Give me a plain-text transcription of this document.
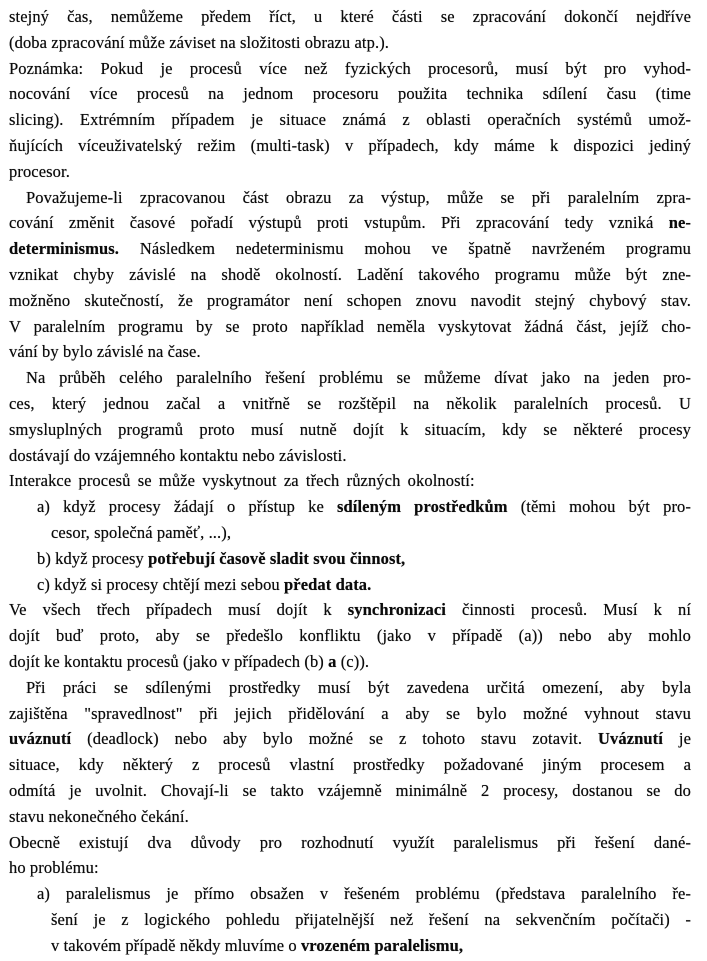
stejný čas, nemůžeme předem říct, u které části se zpracování dokončí nejdříve
(doba zpracování může záviset na složitosti obrazu atp.).
Poznámka: Pokud je procesů více než fyzických procesorů, musí být pro vyhod-
nocování více procesů na jednom procesoru použita technika sdílení času (time
slicing). Extrémním případem je situace známá z oblasti operačních systémů umož-
ňujících víceuživatelský režim (multi-task) v případech, kdy máme k dispozici jediný
procesor.
Považujeme-li zpracovanou část obrazu za výstup, může se při paralelním zpra-
cování změnit časové pořadí výstupů proti vstupům. Při zpracování tedy vzniká ne-
determinismus. Následkem nedeterminismu mohou ve špatně navrženém programu
vznikat chyby závislé na shodě okolností. Ladění takového programu může být zne-
možněno skutečností, že programátor není schopen znovu navodit stejný chybový stav.
V paralelním programu by se proto například neměla vyskytovat žádná část, jejíž cho-
vání by bylo závislé na čase.
Na průběh celého paralelního řešení problému se můžeme dívat jako na jeden pro-
ces, který jednou začal a vnitřně se rozštěpil na několik paralelních procesů. U
smysluplných programů proto musí nutně dojít k situacím, kdy se některé procesy
dostávají do vzájemného kontaktu nebo závislosti.
Interakce procesů se může vyskytnout za třech různých okolností:
a) když procesy žádají o přístup ke sdíleným prostředkům (těmi mohou být pro-
cesor, společná paměť, ...),
b) když procesy potřebují časově sladit svou činnost,
c) když si procesy chtějí mezi sebou předat data.
Ve všech třech případech musí dojít k synchronizaci činnosti procesů. Musí k ní
dojít buď proto, aby se předešlo konfliktu (jako v případě (a)) nebo aby mohlo
dojít ke kontaktu procesů (jako v případech (b) a (c)).
Při práci se sdílenými prostředky musí být zavedena určitá omezení, aby byla
zajištěna "spravedlnost" při jejich přidělování a aby se bylo možné vyhnout stavu
uváznutí (deadlock) nebo aby bylo možné se z tohoto stavu zotavit. Uváznutí je
situace, kdy některý z procesů vlastní prostředky požadované jiným procesem a
odmítá je uvolnit. Chovají-li se takto vzájemně minimálně 2 procesy, dostanou se do
stavu nekonečného čekání.
Obecně existují dva důvody pro rozhodnutí využít paralelismus při řešení dané-
ho problému:
a) paralelismus je přímo obsažen v řešeném problému (představa paralelního ře-
šení je z logického pohledu přijatelnější než řešení na sekvenčním počítači) -
v takovém případě někdy mluvíme o vrozeném paralelismu,
